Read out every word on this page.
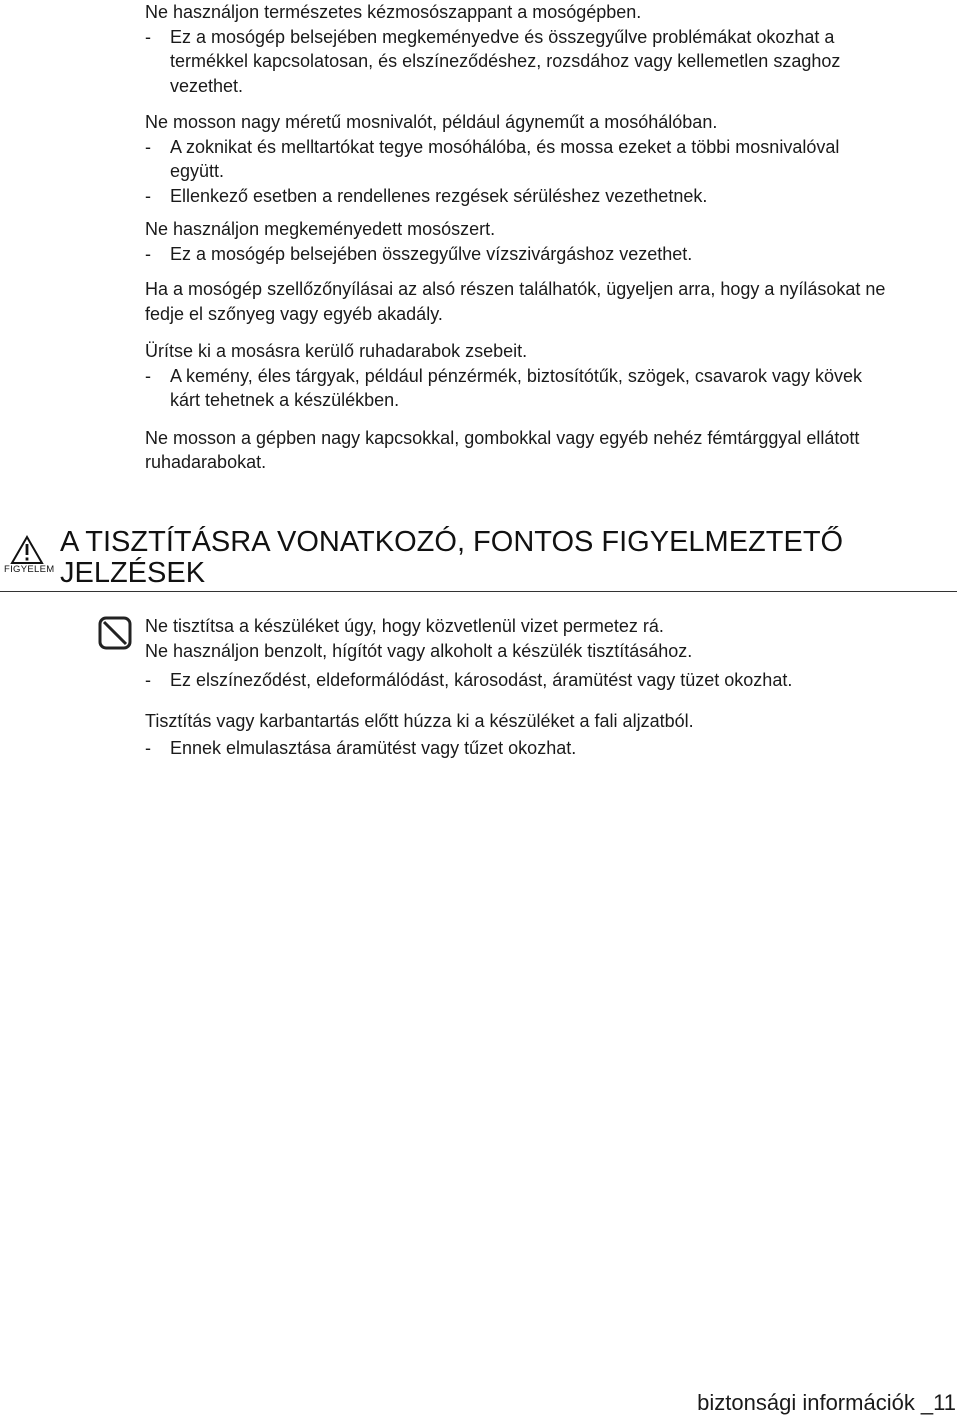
Ne használjon természetes kézmosószappant a mosógépben.
- Ez a mosógép belsejében megkeményedve és összegyűlve problémákat okozhat a
termékkel kapcsolatosan, és elszíneződéshez, rozsdához vagy kellemetlen szaghoz
vezethet.
Ne mosson nagy méretű mosnivalót, például ágyneműt a mosóhálóban.
- A zoknikat és melltartókat tegye mosóhálóba, és mossa ezeket a többi mosnivalóval
együtt.
- Ellenkező esetben a rendellenes rezgések sérüléshez vezethetnek.
Ne használjon megkeményedett mosószert.
- Ez a mosógép belsejében összegyűlve vízszivárgáshoz vezethet.
Ha a mosógép szellőzőnyílásai az alsó részen találhatók, ügyeljen arra, hogy a nyílásokat ne
fedje el szőnyeg vagy egyéb akadály.
Ürítse ki a mosásra kerülő ruhadarabok zsebeit.
- A kemény, éles tárgyak, például pénzérmék, biztosítótűk, szögek, csavarok vagy kövek
kárt tehetnek a készülékben.
Ne mosson a gépben nagy kapcsokkal, gombokkal vagy egyéb nehéz fémtárggyal ellátott
ruhadarabokat.
FIGYELEM
A TISZTÍTÁSRA VONATKOZÓ, FONTOS FIGYELMEZTETŐ
JELZÉSEK
Ne tisztítsa a készüléket úgy, hogy közvetlenül vizet permetez rá.
Ne használjon benzolt, hígítót vagy alkoholt a készülék tisztításához.
- Ez elszíneződést, eldeformálódást, károsodást, áramütést vagy tüzet okozhat.
Tisztítás vagy karbantartás előtt húzza ki a készüléket a fali aljzatból.
- Ennek elmulasztása áramütést vagy tűzet okozhat.
biztonsági információk _11
